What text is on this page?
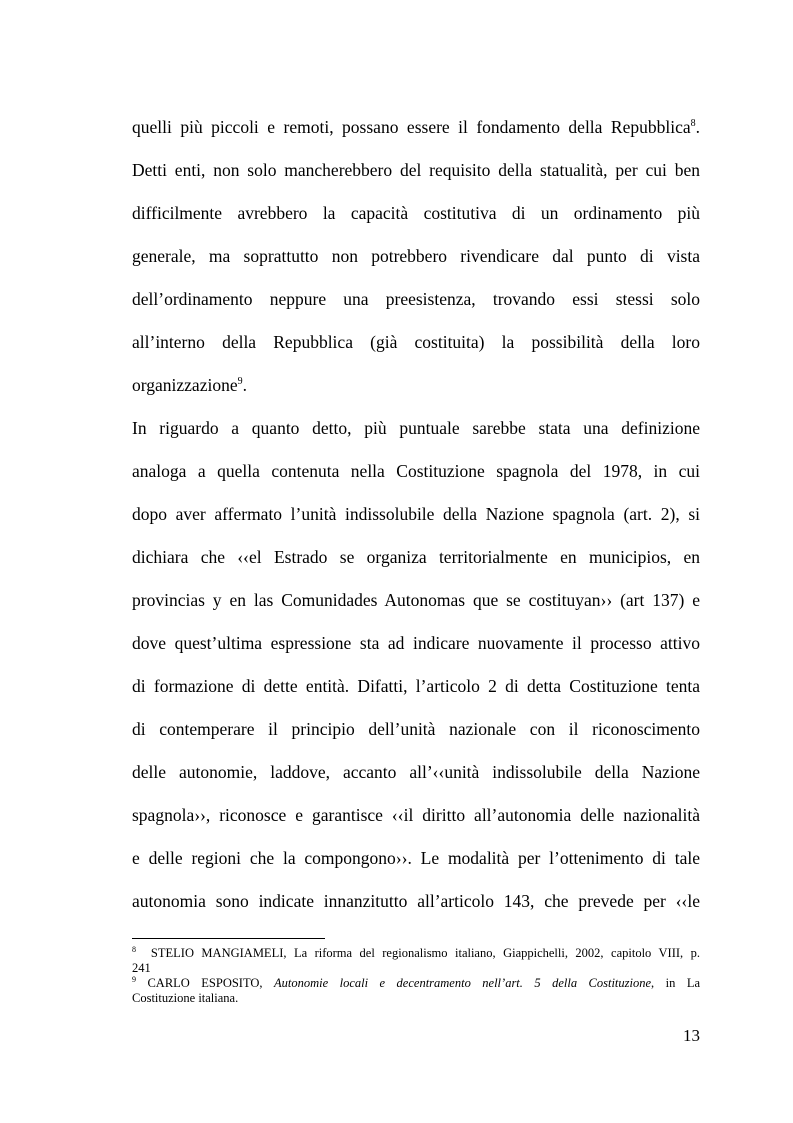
quelli più piccoli e remoti, possano essere il fondamento della Repubblica$^8$.
Detti enti, non solo mancherebbero del requisito della statualità, per cui ben
difficilmente avrebbero la capacità costitutiva di un ordinamento più
generale, ma soprattutto non potrebbero rivendicare dal punto di vista
dell’ordinamento neppure una preesistenza, trovando essi stessi solo
all’interno della Repubblica (già costituita) la possibilità della loro
organizzazione$^9$.
In riguardo a quanto detto, più puntuale sarebbe stata una definizione
analoga a quella contenuta nella Costituzione spagnola del 1978, in cui
dopo aver affermato l’unità indissolubile della Nazione spagnola (art. 2), si
dichiara che ‹‹el Estrado se organiza territorialmente en municipios, en
provincias y en las Comunidades Autonomas que se costituyan›› (art 137) e
dove quest’ultima espressione sta ad indicare nuovamente il processo attivo
di formazione di dette entità. Difatti, l’articolo 2 di detta Costituzione tenta
di contemperare il principio dell’unità nazionale con il riconoscimento
delle autonomie, laddove, accanto all’‹‹unità indissolubile della Nazione
spagnola››, riconosce e garantisce ‹‹il diritto all’autonomia delle nazionalità
e delle regioni che la compongono››. Le modalità per l’ottenimento di tale
autonomia sono indicate innanzitutto all’articolo 143, che prevede per ‹‹le
$^8$ STELIO MANGIAMELI, La riforma del regionalismo italiano, Giappichelli, 2002, capitolo VIII, p.
241
$^9$ CARLO ESPOSITO, Autonomie locali e decentramento nell’art. 5 della Costituzione, in La
Costituzione italiana.
13
